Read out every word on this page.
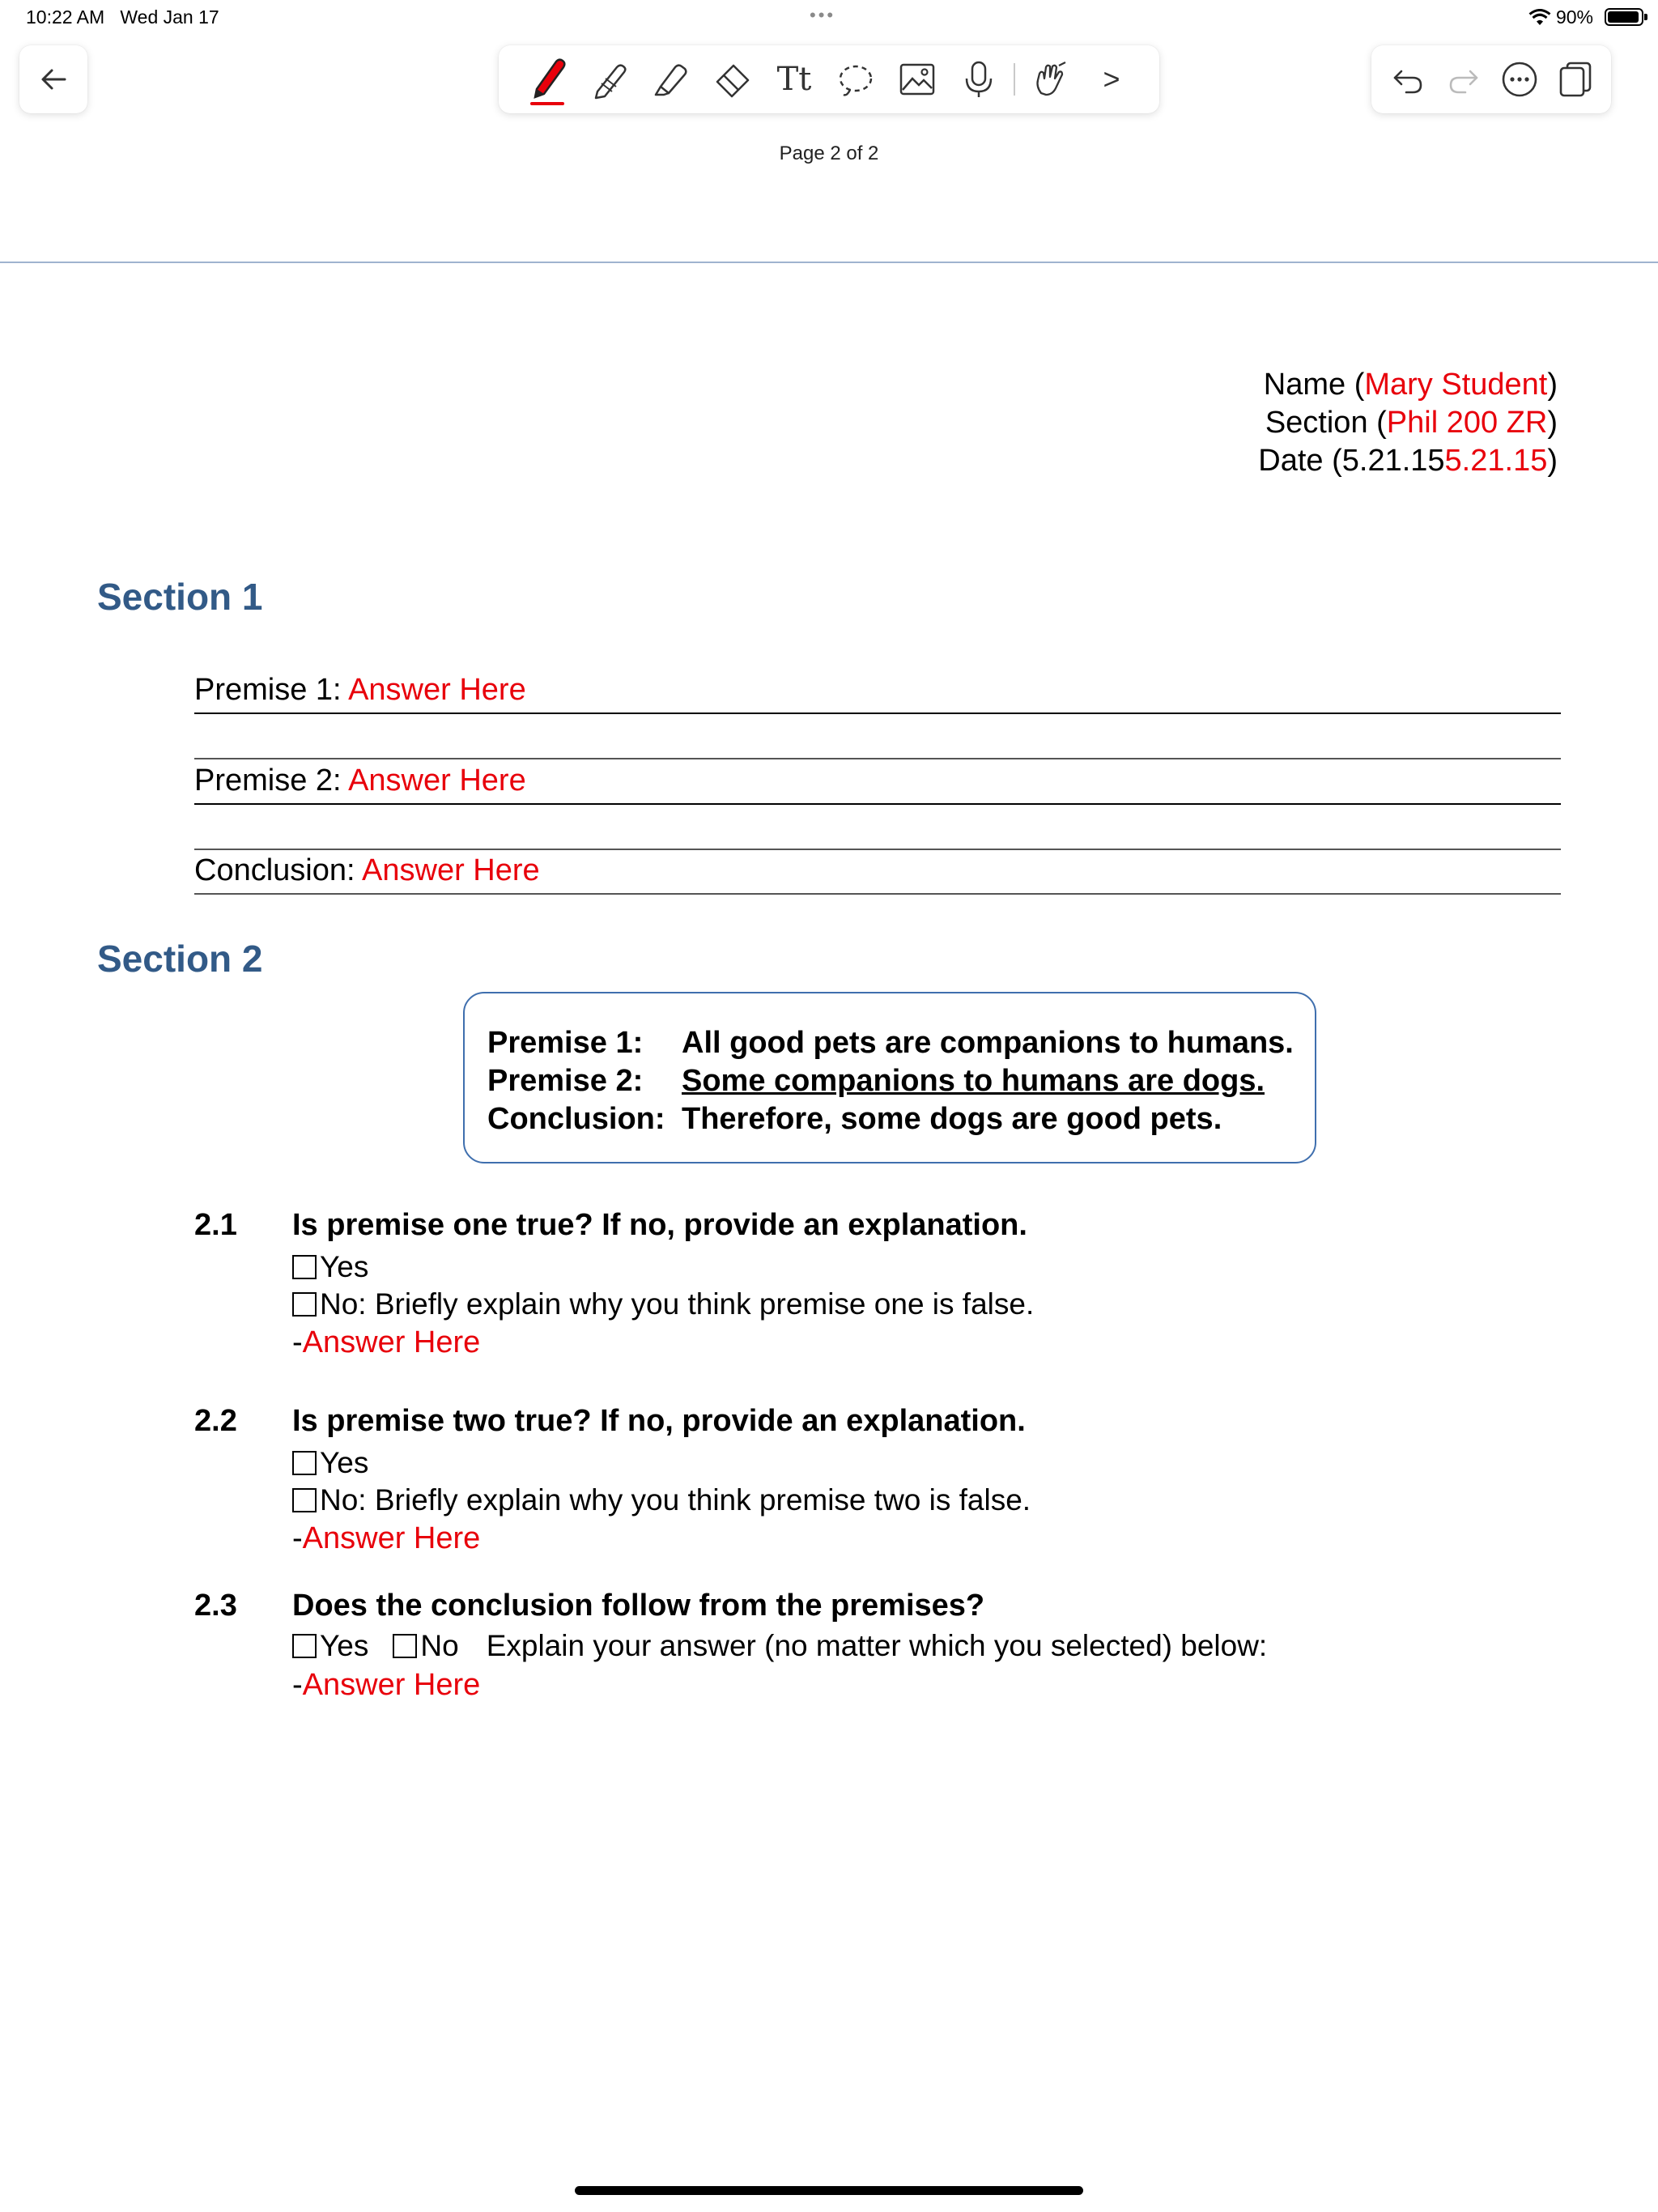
10:22 AM Wed Jan 17	•••	90%
Tt	>
Page 2 of 2
Name (Mary Student)
Section (Phil 200 ZR)
Date (5.21.155.21.15)
Section 1
Premise 1: Answer Here
Premise 2: Answer Here
Conclusion: Answer Here
Section 2
Premise 1: All good pets are companions to humans.
Premise 2: Some companions to humans are dogs.
Conclusion: Therefore, some dogs are good pets.
2.1 Is premise one true? If no, provide an explanation.
Yes
No: Briefly explain why you think premise one is false.
-Answer Here
2.2 Is premise two true? If no, provide an explanation.
Yes
No: Briefly explain why you think premise two is false.
-Answer Here
2.3 Does the conclusion follow from the premises?
Yes No Explain your answer (no matter which you selected) below:
-Answer Here
